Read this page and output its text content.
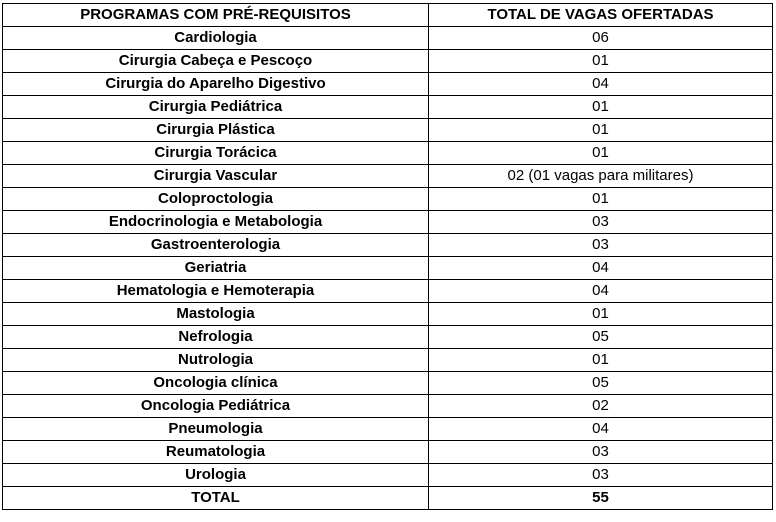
PROGRAMAS COM PRÉ-REQUISITOS	TOTAL DE VAGAS OFERTADAS
Cardiologia	06
Cirurgia Cabeça e Pescoço	01
Cirurgia do Aparelho Digestivo	04
Cirurgia Pediátrica	01
Cirurgia Plástica	01
Cirurgia Torácica	01
Cirurgia Vascular	02 (01 vagas para militares)
Coloproctologia	01
Endocrinologia e Metabologia	03
Gastroenterologia	03
Geriatria	04
Hematologia e Hemoterapia	04
Mastologia	01
Nefrologia	05
Nutrologia	01
Oncologia clínica	05
Oncologia Pediátrica	02
Pneumologia	04
Reumatologia	03
Urologia	03
TOTAL	55
